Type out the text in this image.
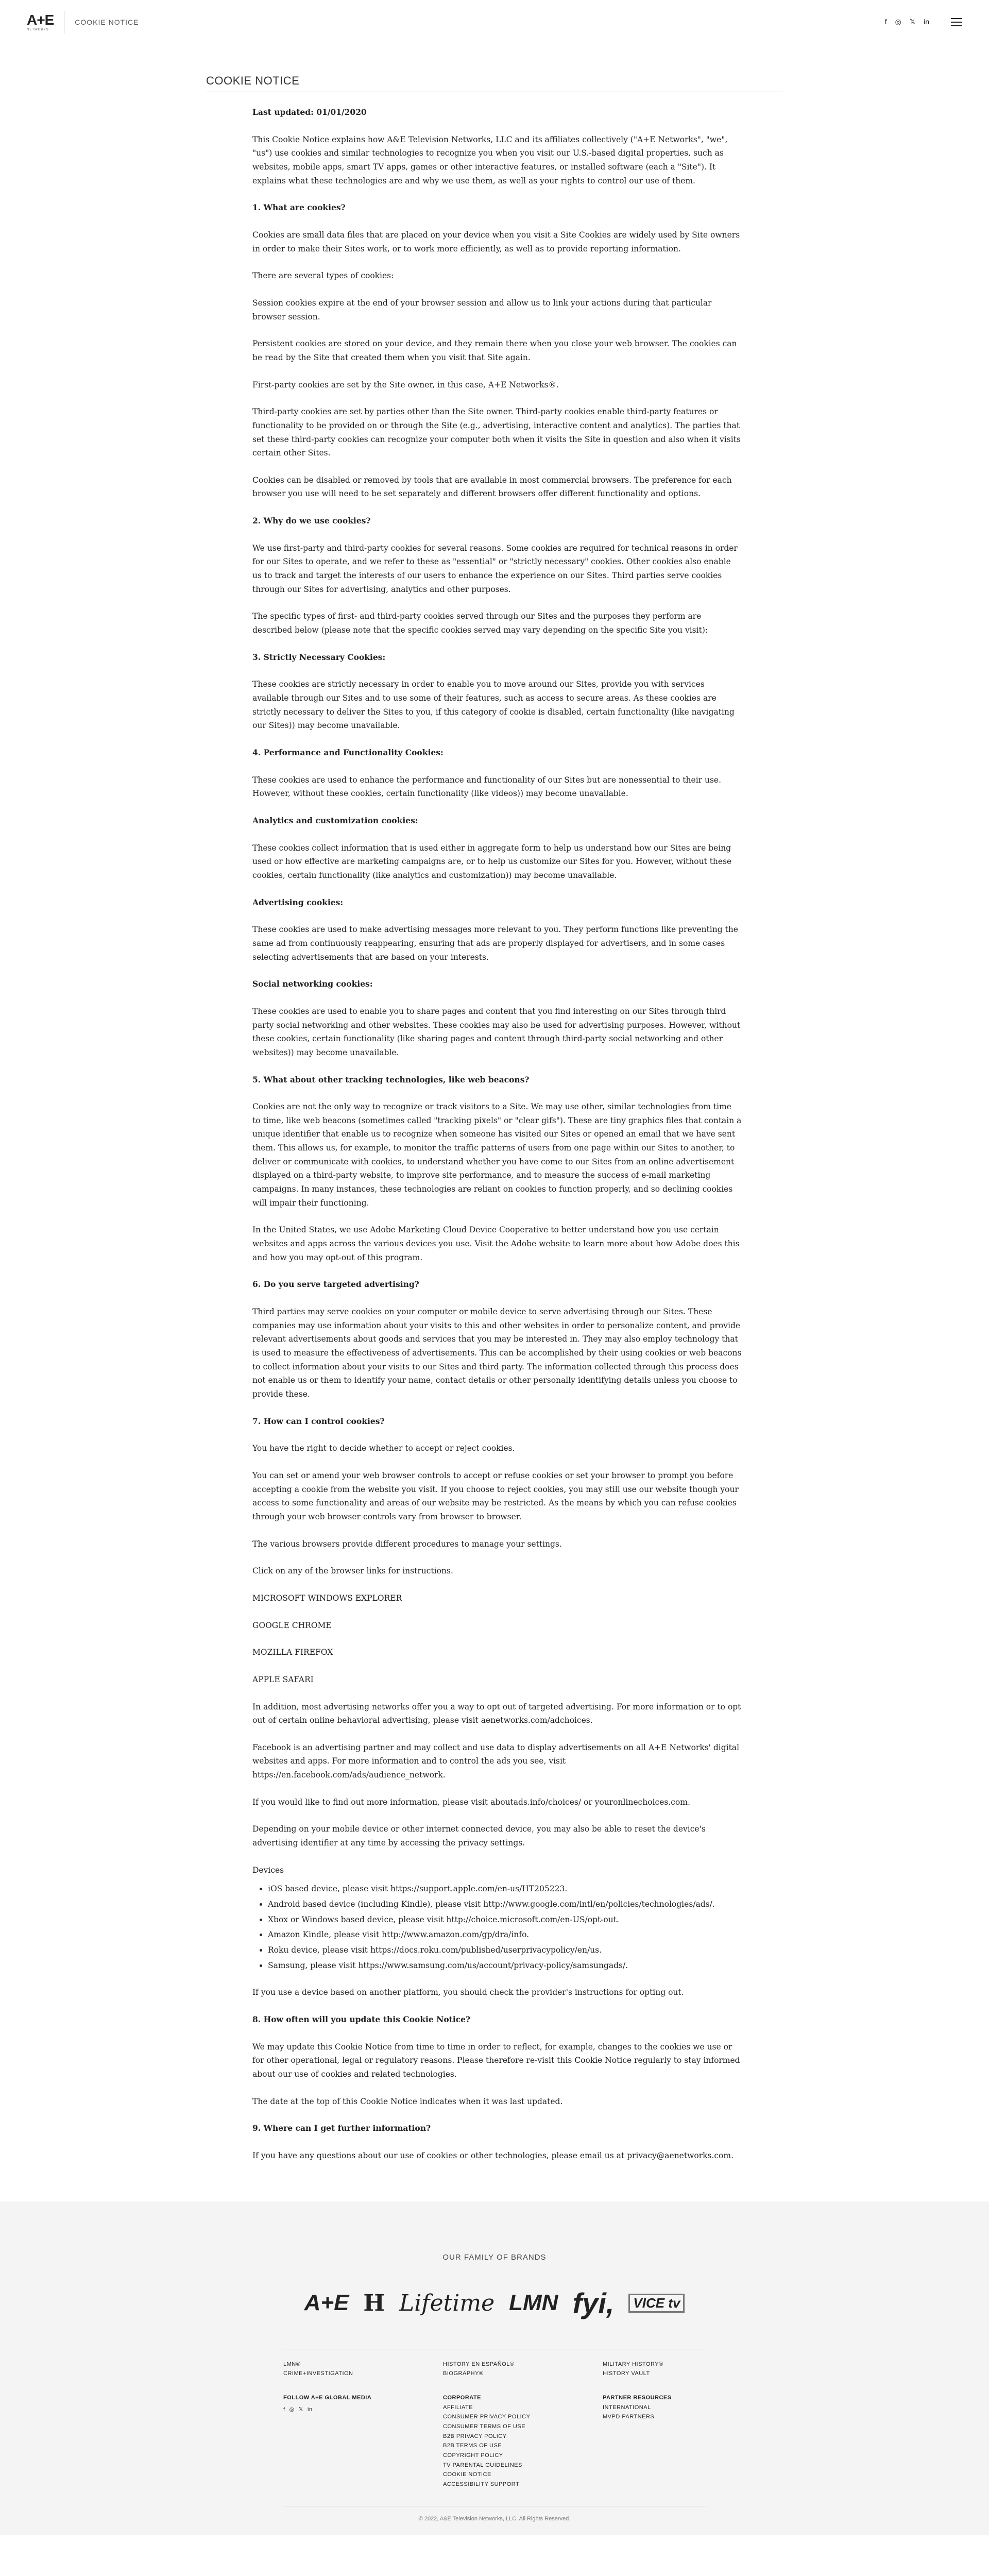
A+E
NETWORKS
COOKIE NOTICE	f ◎ 𝕏 in
COOKIE NOTICE

Last updated: 01/01/2020

This Cookie Notice explains how A&E Television Networks, LLC and its affiliates collectively ("A+E Networks", "we", "us") use cookies and similar technologies to recognize you when you visit our U.S.-based digital properties, such as websites, mobile apps, smart TV apps, games or other interactive features, or installed software (each a "Site"). It explains what these technologies are and why we use them, as well as your rights to control our use of them.

1. What are cookies?

Cookies are small data files that are placed on your device when you visit a Site Cookies are widely used by Site owners in order to make their Sites work, or to work more efficiently, as well as to provide reporting information.

There are several types of cookies:

Session cookies expire at the end of your browser session and allow us to link your actions during that particular browser session.

Persistent cookies are stored on your device, and they remain there when you close your web browser. The cookies can be read by the Site that created them when you visit that Site again.

First-party cookies are set by the Site owner, in this case, A+E Networks®.

Third-party cookies are set by parties other than the Site owner. Third-party cookies enable third-party features or functionality to be provided on or through the Site (e.g., advertising, interactive content and analytics). The parties that set these third-party cookies can recognize your computer both when it visits the Site in question and also when it visits certain other Sites.

Cookies can be disabled or removed by tools that are available in most commercial browsers. The preference for each browser you use will need to be set separately and different browsers offer different functionality and options.

2. Why do we use cookies?

We use first-party and third-party cookies for several reasons. Some cookies are required for technical reasons in order for our Sites to operate, and we refer to these as "essential" or "strictly necessary" cookies. Other cookies also enable us to track and target the interests of our users to enhance the experience on our Sites. Third parties serve cookies through our Sites for advertising, analytics and other purposes.

The specific types of first- and third-party cookies served through our Sites and the purposes they perform are described below (please note that the specific cookies served may vary depending on the specific Site you visit):

3. Strictly Necessary Cookies:

These cookies are strictly necessary in order to enable you to move around our Sites, provide you with services available through our Sites and to use some of their features, such as access to secure areas. As these cookies are strictly necessary to deliver the Sites to you, if this category of cookie is disabled, certain functionality (like navigating our Sites)) may become unavailable.

4. Performance and Functionality Cookies:

These cookies are used to enhance the performance and functionality of our Sites but are nonessential to their use. However, without these cookies, certain functionality (like videos)) may become unavailable.

Analytics and customization cookies:

These cookies collect information that is used either in aggregate form to help us understand how our Sites are being used or how effective are marketing campaigns are, or to help us customize our Sites for you. However, without these cookies, certain functionality (like analytics and customization)) may become unavailable.

Advertising cookies:

These cookies are used to make advertising messages more relevant to you. They perform functions like preventing the same ad from continuously reappearing, ensuring that ads are properly displayed for advertisers, and in some cases selecting advertisements that are based on your interests.

Social networking cookies:

These cookies are used to enable you to share pages and content that you find interesting on our Sites through third party social networking and other websites. These cookies may also be used for advertising purposes. However, without these cookies, certain functionality (like sharing pages and content through third-party social networking and other websites)) may become unavailable.

5. What about other tracking technologies, like web beacons?

Cookies are not the only way to recognize or track visitors to a Site. We may use other, similar technologies from time to time, like web beacons (sometimes called "tracking pixels" or "clear gifs"). These are tiny graphics files that contain a unique identifier that enable us to recognize when someone has visited our Sites or opened an email that we have sent them. This allows us, for example, to monitor the traffic patterns of users from one page within our Sites to another, to deliver or communicate with cookies, to understand whether you have come to our Sites from an online advertisement displayed on a third-party website, to improve site performance, and to measure the success of e-mail marketing campaigns. In many instances, these technologies are reliant on cookies to function properly, and so declining cookies will impair their functioning.

In the United States, we use Adobe Marketing Cloud Device Cooperative to better understand how you use certain websites and apps across the various devices you use. Visit the Adobe website to learn more about how Adobe does this and how you may opt-out of this program.

6. Do you serve targeted advertising?

Third parties may serve cookies on your computer or mobile device to serve advertising through our Sites. These companies may use information about your visits to this and other websites in order to personalize content, and provide relevant advertisements about goods and services that you may be interested in. They may also employ technology that is used to measure the effectiveness of advertisements. This can be accomplished by their using cookies or web beacons to collect information about your visits to our Sites and third party. The information collected through this process does not enable us or them to identify your name, contact details or other personally identifying details unless you choose to provide these.

7. How can I control cookies?

You have the right to decide whether to accept or reject cookies.

You can set or amend your web browser controls to accept or refuse cookies or set your browser to prompt you before accepting a cookie from the website you visit. If you choose to reject cookies, you may still use our website though your access to some functionality and areas of our website may be restricted. As the means by which you can refuse cookies through your web browser controls vary from browser to browser.

The various browsers provide different procedures to manage your settings.

Click on any of the browser links for instructions.

MICROSOFT WINDOWS EXPLORER

GOOGLE CHROME

MOZILLA FIREFOX

APPLE SAFARI

In addition, most advertising networks offer you a way to opt out of targeted advertising. For more information or to opt out of certain online behavioral advertising, please visit aenetworks.com/adchoices.

Facebook is an advertising partner and may collect and use data to display advertisements on all A+E Networks' digital websites and apps. For more information and to control the ads you see, visit https://en.facebook.com/ads/audience_network.

If you would like to find out more information, please visit aboutads.info/choices/ or youronlinechoices.com.

Depending on your mobile device or other internet connected device, you may also be able to reset the device's advertising identifier at any time by accessing the privacy settings.

Devices

• iOS based device, please visit https://support.apple.com/en-us/HT205223.
• Android based device (including Kindle), please visit http://www.google.com/intl/en/policies/technologies/ads/.
• Xbox or Windows based device, please visit http://choice.microsoft.com/en-US/opt-out.
• Amazon Kindle, please visit http://www.amazon.com/gp/dra/info.
• Roku device, please visit https://docs.roku.com/published/userprivacypolicy/en/us.
• Samsung, please visit https://www.samsung.com/us/account/privacy-policy/samsungads/.

If you use a device based on another platform, you should check the provider's instructions for opting out.

8. How often will you update this Cookie Notice?

We may update this Cookie Notice from time to time in order to reflect, for example, changes to the cookies we use or for other operational, legal or regulatory reasons. Please therefore re-visit this Cookie Notice regularly to stay informed about our use of cookies and related technologies.

The date at the top of this Cookie Notice indicates when it was last updated.

9. Where can I get further information?

If you have any questions about our use of cookies or other technologies, please email us at privacy@aenetworks.com.

OUR FAMILY OF BRANDS
A+E H Lifetime LMN fyi,	VICE tv
LMN®
CRIME+INVESTIGATION
HISTORY EN ESPAÑOL®
BIOGRAPHY®
MILITARY HISTORY®
HISTORY VAULT
FOLLOW A+E GLOBAL MEDIA
f ◎ 𝕏 in
CORPORATE
AFFILIATE
CONSUMER PRIVACY POLICY
CONSUMER TERMS OF USE
B2B PRIVACY POLICY
B2B TERMS OF USE
COPYRIGHT POLICY
TV PARENTAL GUIDELINES
COOKIE NOTICE
ACCESSIBILITY SUPPORT
PARTNER RESOURCES
INTERNATIONAL
MVPD PARTNERS
© 2022, A&E Television Networks, LLC. All Rights Reserved.
